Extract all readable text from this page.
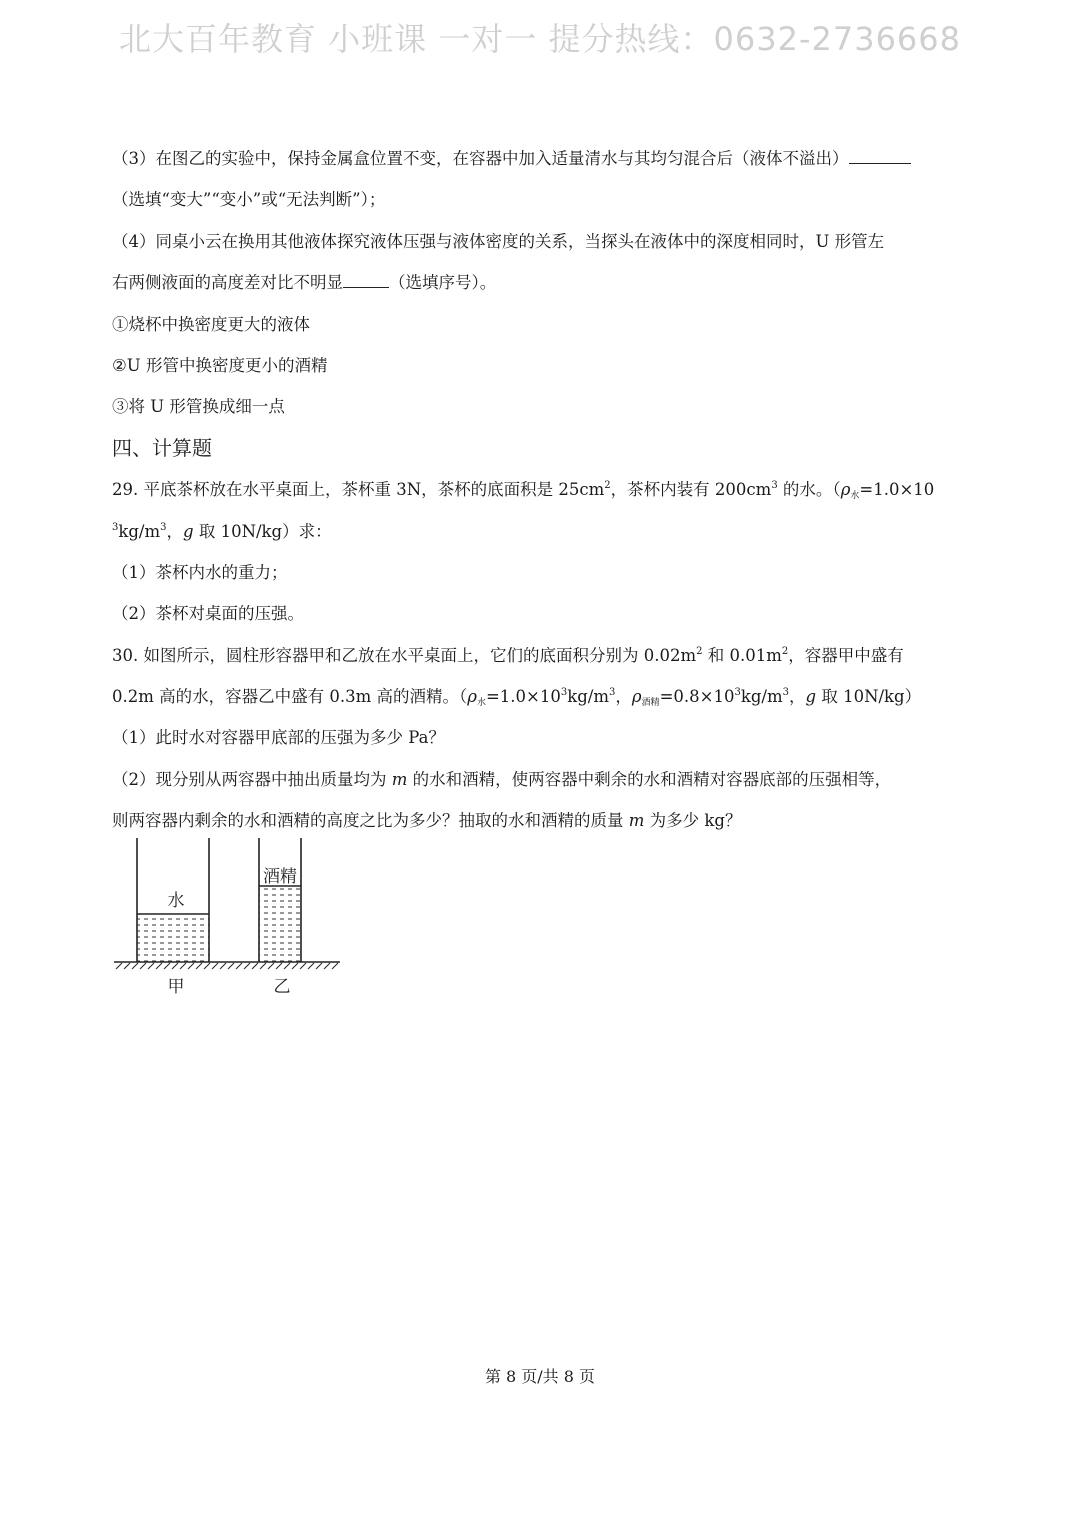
北大百年教育 小班课 一对一 提分热线：0632-2736668
（3）在图乙的实验中，保持金属盒位置不变，在容器中加入适量清水与其均匀混合后（液体不溢出）
（选填“变大”“变小”或“无法判断”）；
（4）同桌小云在换用其他液体探究液体压强与液体密度的关系，当探头在液体中的深度相同时，U 形管左
右两侧液面的高度差对比不明显	（选填序号）。
①烧杯中换密度更大的液体
②U 形管中换密度更小的酒精
③将 U 形管换成细一点
四、计算题
29. 平底茶杯放在水平桌面上，茶杯重 3N，茶杯的底面积是 $25cm^2$，茶杯内装有 $200cm^3$ 的水。（$\rho_水=1.0\times 10$
$^3kg/m^3$，g 取 10N/kg）求：
（1）茶杯内水的重力；
（2）茶杯对桌面的压强。
30. 如图所示，圆柱形容器甲和乙放在水平桌面上，它们的底面积分别为 $0.02m^2$ 和 $0.01m^2$，容器甲中盛有
0.2m 高的水，容器乙中盛有 0.3m 高的酒精。（$\rho_水=1.0\times 10^3kg/m^3$，$\rho_{酒精}=0.8\times 10^3kg/m^3$，g 取 10N/kg）
（1）此时水对容器甲底部的压强为多少 Pa？
（2）现分别从两容器中抽出质量均为 m 的水和酒精，使两容器中剩余的水和酒精对容器底部的压强相等，
则两容器内剩余的水和酒精的高度之比为多少？抽取的水和酒精的质量 m 为多少 kg？
水
酒精
甲	乙
第 8 页/共 8 页
